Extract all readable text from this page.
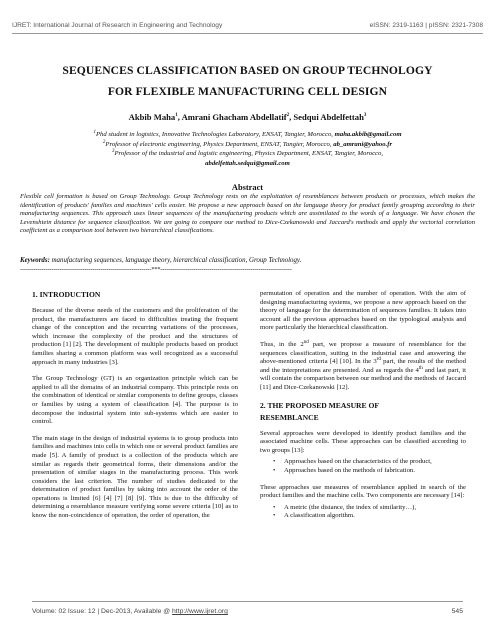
IJRET: International Journal of Research in Engineering and Technology	eISSN: 2319-1163 | pISSN: 2321-7308
SEQUENCES CLASSIFICATION BASED ON GROUP TECHNOLOGY
FOR FLEXIBLE MANUFACTURING CELL DESIGN
Akbib Maha$^1$, Amrani Ghacham Abdellatif$^2$, Sedqui Abdelfettah$^3$
$^1$Phd student in logistics, Innovative Technologies Laboratory, ENSAT, Tangier, Morocco, maha.akbib@gmail.com
$^2$Professor of electronic engineering, Physics Department, ENSAT, Tangier, Morocco, ab_amrani@yahoo.fr
$^3$Professor of the industrial and logistic engineering, Physics Department, ENSAT, Tangier, Morocco,
abdelfettah.sedqui@gmail.com
Abstract
Flexible cell formation is based on Group Technology. Group Technology rests on the exploitation of resemblances between products or processes, which makes the identification of products' families and machines' cells easier. We propose a new approach based on the language theory for product family grouping according to their manufacturing sequences. This approach uses linear sequences of the manufacturing products which are assimilated to the words of a language. We have chosen the Levenshtein distance for sequence classification. We are going to compare our method to Dice-Czekanowski and Jaccard's methods and apply the vectorial correlation coefficient as a comparison tool between two hierarchical classifications.
Keywords: manufacturing sequences, language theory, hierarchical classification, Group Technology.
-------------------------------------------------------------------***-------------------------------------------------------------------
1. INTRODUCTION

Because of the diverse needs of the customers and the proliferation of the product, the manufacturers are faced to difficulties treating the frequent change of the conception and the recurring variations of the processes, which increase the complexity of the product and the structures of production [1] [2]. The development of multiple products based on product families sharing a common platform was well recognized as a successful approach in many industries [3].

The Group Technology (GT) is an organization principle which can be applied to all the domains of an industrial company. This principle rests on the combination of identical or similar components to define groups, classes or families by using a system of classification [4]. The purpose is to decompose the industrial system into sub-systems which are easier to control.

The main stage in the design of industrial systems is to group products into families and machines into cells in which one or several product families are made [5]. A family of product is a collection of the products which are similar as regards their geometrical forms, their dimensions and/or the presentation of similar stages in the manufacturing process. This work considers the last criterion. The number of studies dedicated to the determination of product families by taking into account the order of the operations is limited [6] [4] [7] [8] [9]. This is due to the difficulty of determining a resemblance measure verifying some severe criteria [10] as to know the non-coincidence of operation, the order of operation, the

permutation of operation and the number of operation. With the aim of designing manufacturing systems, we propose a new approach based on the theory of language for the determination of sequences families. It takes into account all the previous approaches based on the typological analysis and more particularly the hierarchical classification.

Thus, in the 2nd part, we propose a measure of resemblance for the sequences classification, suiting in the industrial case and answering the above-mentioned criteria [4] [10]. In the 3rd part, the results of the method and the interpretations are presented. And as regards the 4th and last part, it will contain the comparison between our method and the methods of Jaccard [11] and Dice-Czekanowski [12].

2. THE PROPOSED MEASURE OF
RESEMBLANCE

Several approaches were developed to identify product families and the associated machine cells. These approaches can be classified according to two groups [13]:

• Approaches based on the characteristics of the product,
• Approaches based on the methods of fabrication.

These approaches use measures of resemblance applied in search of the product families and the machine cells. Two components are necessary [14]:

• A metric (the distance, the index of similarity…),
• A classification algorithm.
Volume: 02 Issue: 12 | Dec-2013, Available @ http://www.ijret.org	545
